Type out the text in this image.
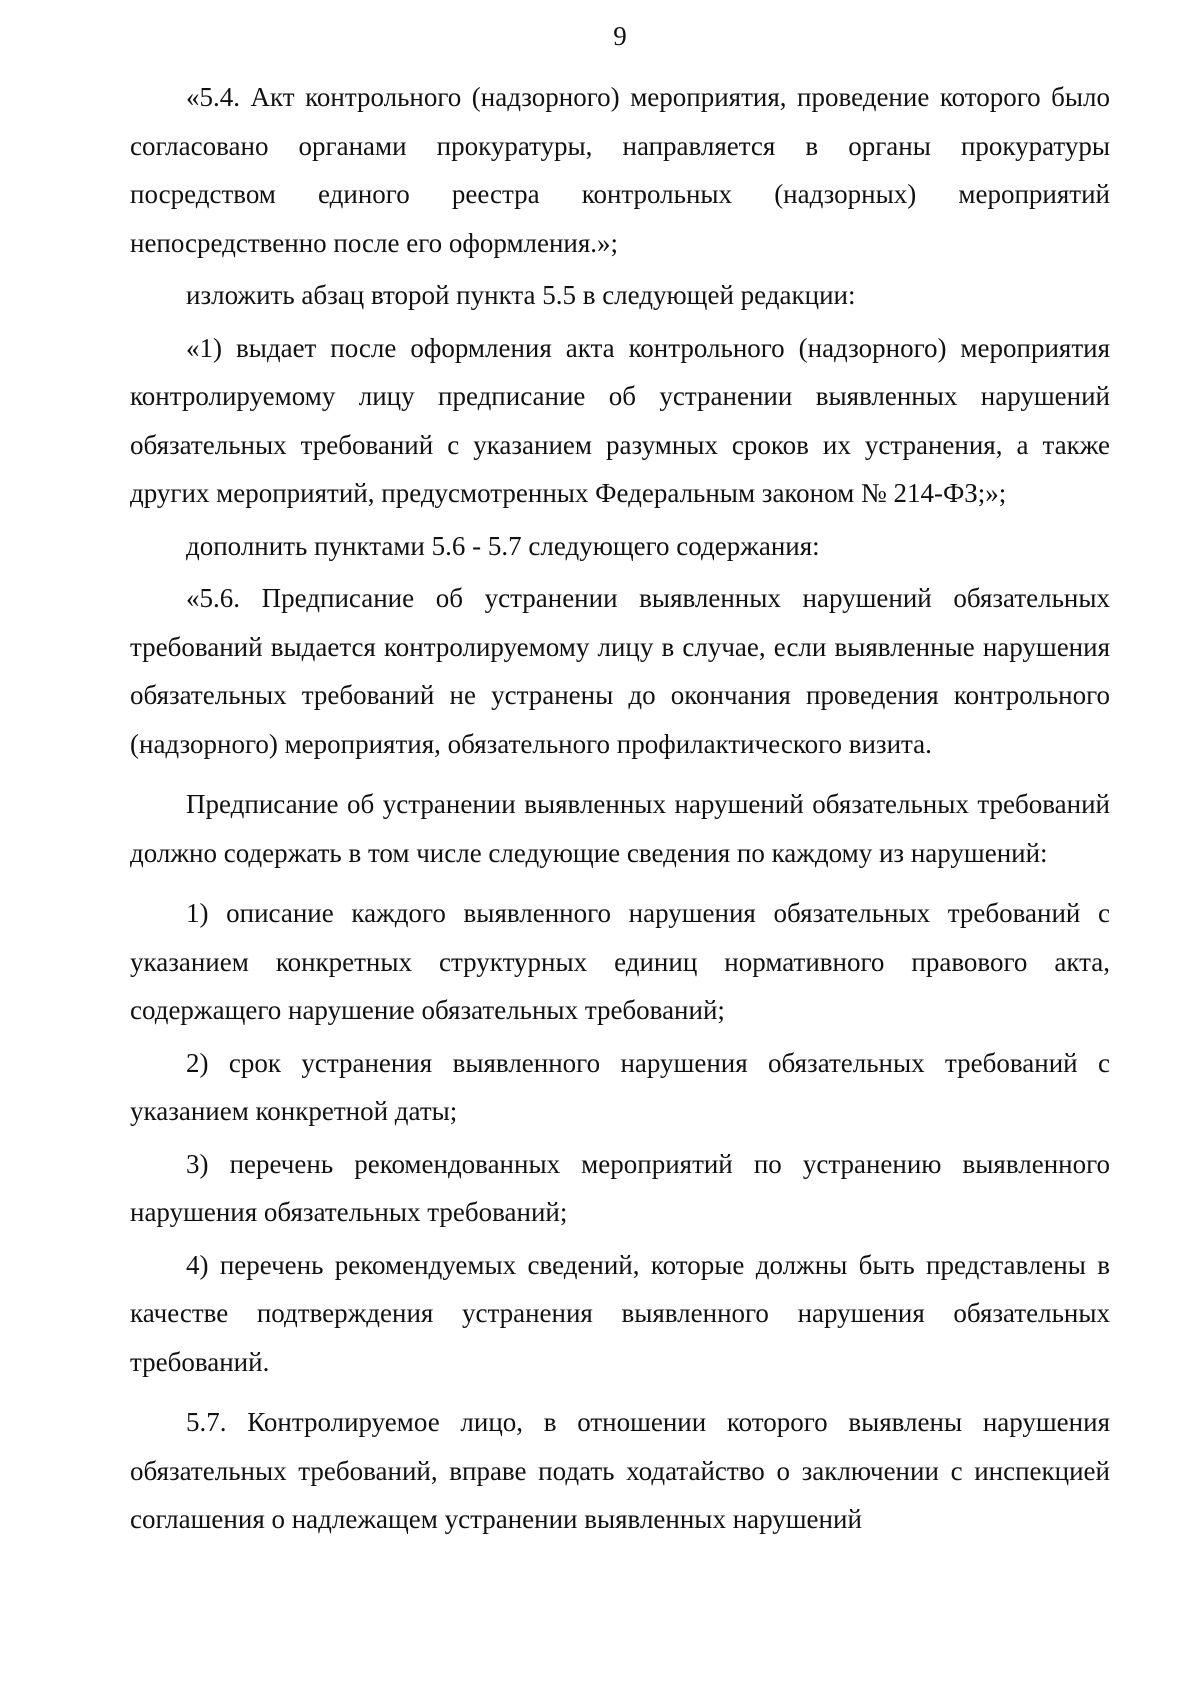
9

«5.4. Акт контрольного (надзорного) мероприятия, проведение которого было согласовано органами прокуратуры, направляется в органы прокуратуры посредством единого реестра контрольных (надзорных) мероприятий непосредственно после его оформления.»;

изложить абзац второй пункта 5.5 в следующей редакции:

«1) выдает после оформления акта контрольного (надзорного) мероприятия контролируемому лицу предписание об устранении выявленных нарушений обязательных требований с указанием разумных сроков их устранения, а также других мероприятий, предусмотренных Федеральным законом № 214-ФЗ;»;

дополнить пунктами 5.6 - 5.7 следующего содержания:

«5.6. Предписание об устранении выявленных нарушений обязательных требований выдается контролируемому лицу в случае, если выявленные нарушения обязательных требований не устранены до окончания проведения контрольного (надзорного) мероприятия, обязательного профилактического визита.

Предписание об устранении выявленных нарушений обязательных требований должно содержать в том числе следующие сведения по каждому из нарушений:

1) описание каждого выявленного нарушения обязательных требований с указанием конкретных структурных единиц нормативного правового акта, содержащего нарушение обязательных требований;

2) срок устранения выявленного нарушения обязательных требований с указанием конкретной даты;

3) перечень рекомендованных мероприятий по устранению выявленного нарушения обязательных требований;

4) перечень рекомендуемых сведений, которые должны быть представлены в качестве подтверждения устранения выявленного нарушения обязательных требований.

5.7. Контролируемое лицо, в отношении которого выявлены нарушения обязательных требований, вправе подать ходатайство о заключении с инспекцией соглашения о надлежащем устранении выявленных нарушений
